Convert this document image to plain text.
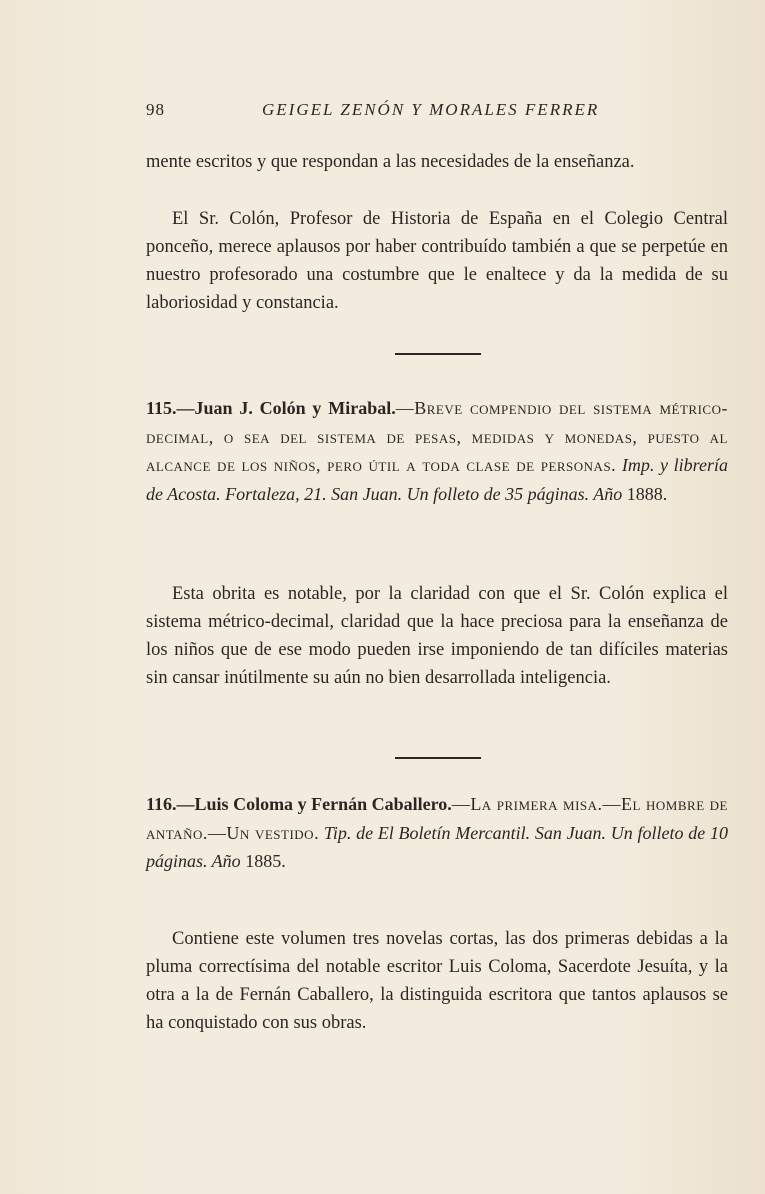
98	GEIGEL ZENÓN Y MORALES FERRER

mente escritos y que respondan a las necesidades de la enseñanza.

El Sr. Colón, Profesor de Historia de España en el Colegio Central ponceño, merece aplausos por haber contribuído también a que se perpetúe en nuestro profesorado una costumbre que le enaltece y da la medida de su laboriosidad y constancia.

115.—Juan J. Colón y Mirabal.—Breve compendio del sistema métrico-decimal, o sea del sistema de pesas, medidas y monedas, puesto al alcance de los niños, pero útil a toda clase de personas. Imp. y librería de Acosta. Fortaleza, 21. San Juan. Un folleto de 35 páginas. Año 1888.

Esta obrita es notable, por la claridad con que el Sr. Colón explica el sistema métrico-decimal, claridad que la hace preciosa para la enseñanza de los niños que de ese modo pueden irse imponiendo de tan difíciles materias sin cansar inútilmente su aún no bien desarrollada inteligencia.

116.—Luis Coloma y Fernán Caballero.—La primera misa.—El hombre de antaño.—Un vestido. Tip. de El Boletín Mercantil. San Juan. Un folleto de 10 páginas. Año 1885.

Contiene este volumen tres novelas cortas, las dos primeras debidas a la pluma correctísima del notable escritor Luis Coloma, Sacerdote Jesuíta, y la otra a la de Fernán Caballero, la distinguida escritora que tantos aplausos se ha conquistado con sus obras.
